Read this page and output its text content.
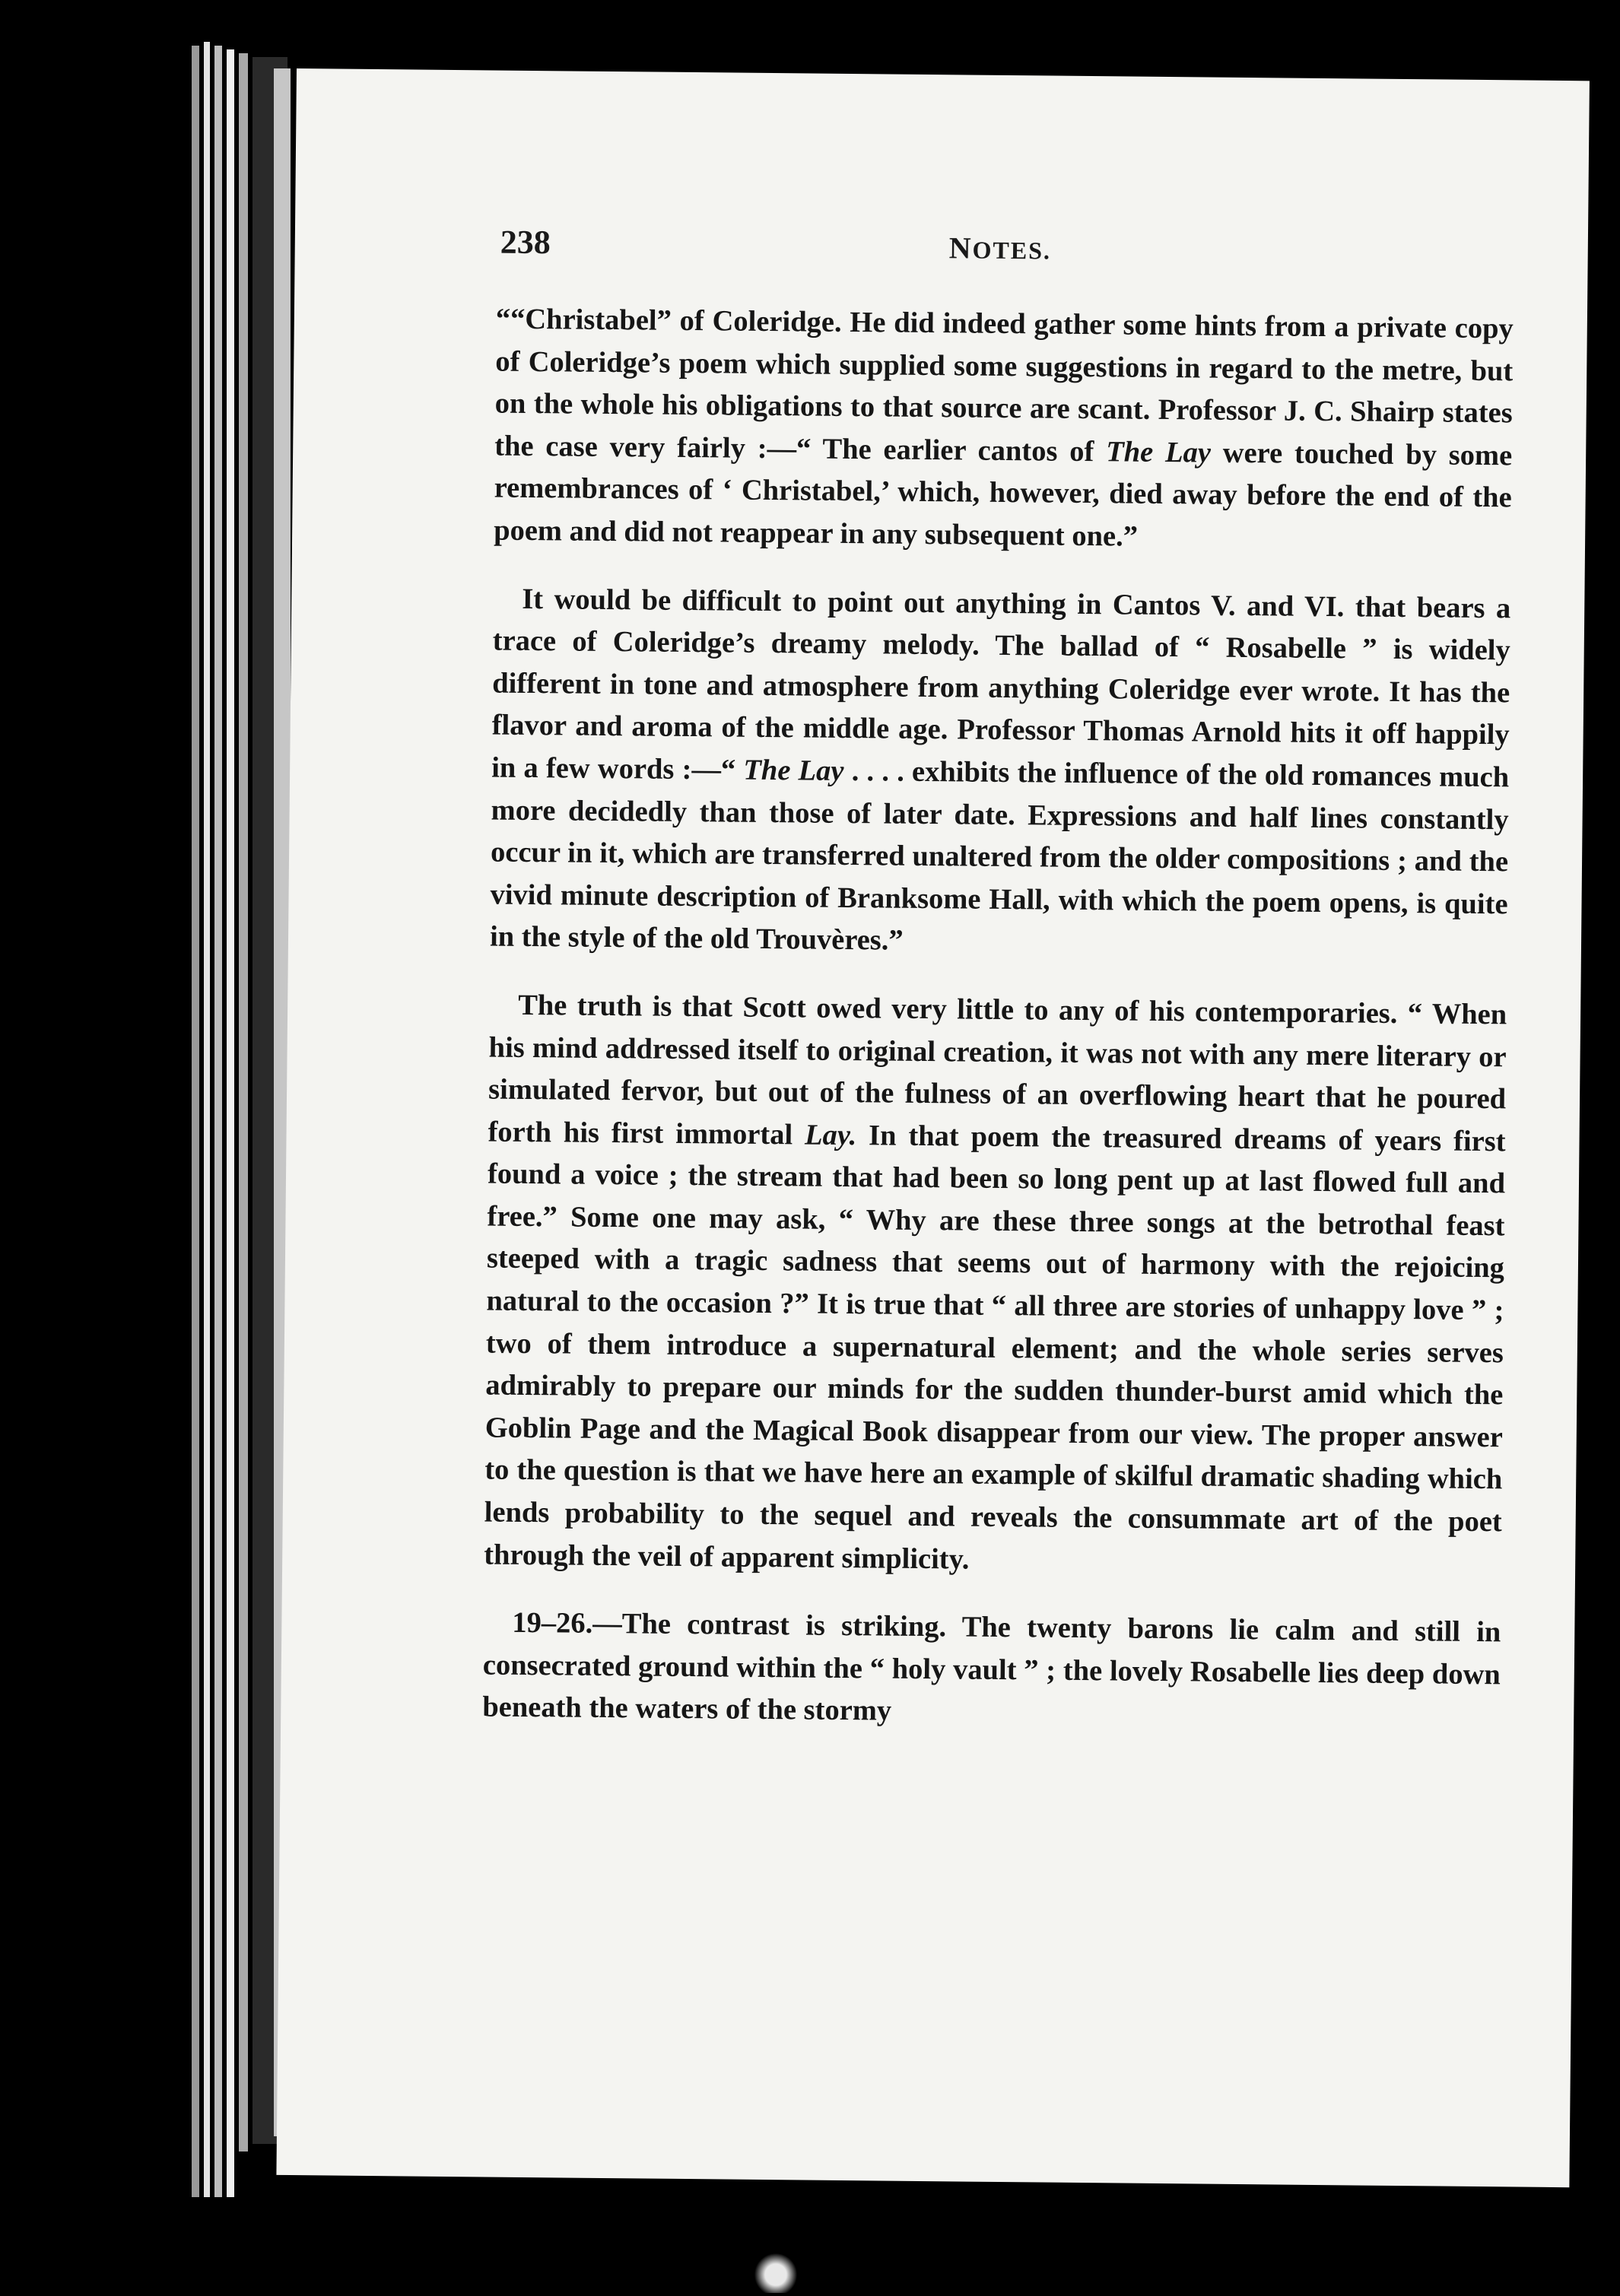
238	NOTES.

““Christabel” of Coleridge. He did indeed gather some hints from a private copy of Coleridge’s poem which supplied some suggestions in regard to the metre, but on the whole his obligations to that source are scant. Professor J. C. Shairp states the case very fairly :—“ The earlier cantos of The Lay were touched by some remembrances of ‘ Christabel,’ which, however, died away before the end of the poem and did not reappear in any subsequent one.”

It would be difficult to point out anything in Cantos V. and VI. that bears a trace of Coleridge’s dreamy melody. The ballad of “ Rosabelle ” is widely different in tone and atmosphere from anything Coleridge ever wrote. It has the flavor and aroma of the middle age. Professor Thomas Arnold hits it off happily in a few words :—“ The Lay . . . . exhibits the influence of the old romances much more decidedly than those of later date. Expressions and half lines constantly occur in it, which are transferred unaltered from the older compositions ; and the vivid minute description of Branksome Hall, with which the poem opens, is quite in the style of the old Trouvères.”

The truth is that Scott owed very little to any of his contemporaries. “ When his mind addressed itself to original creation, it was not with any mere literary or simulated fervor, but out of the fulness of an overflowing heart that he poured forth his first immortal Lay. In that poem the treasured dreams of years first found a voice ; the stream that had been so long pent up at last flowed full and free.” Some one may ask, “ Why are these three songs at the betrothal feast steeped with a tragic sadness that seems out of harmony with the rejoicing natural to the occasion ?” It is true that “ all three are stories of unhappy love ” ; two of them introduce a supernatural element; and the whole series serves admirably to prepare our minds for the sudden thunder-burst amid which the Goblin Page and the Magical Book disappear from our view. The proper answer to the question is that we have here an example of skilful dramatic shading which lends probability to the sequel and reveals the consummate art of the poet through the veil of apparent simplicity.

19–26.—The contrast is striking. The twenty barons lie calm and still in consecrated ground within the “ holy vault ” ; the lovely Rosabelle lies deep down beneath the waters of the stormy
